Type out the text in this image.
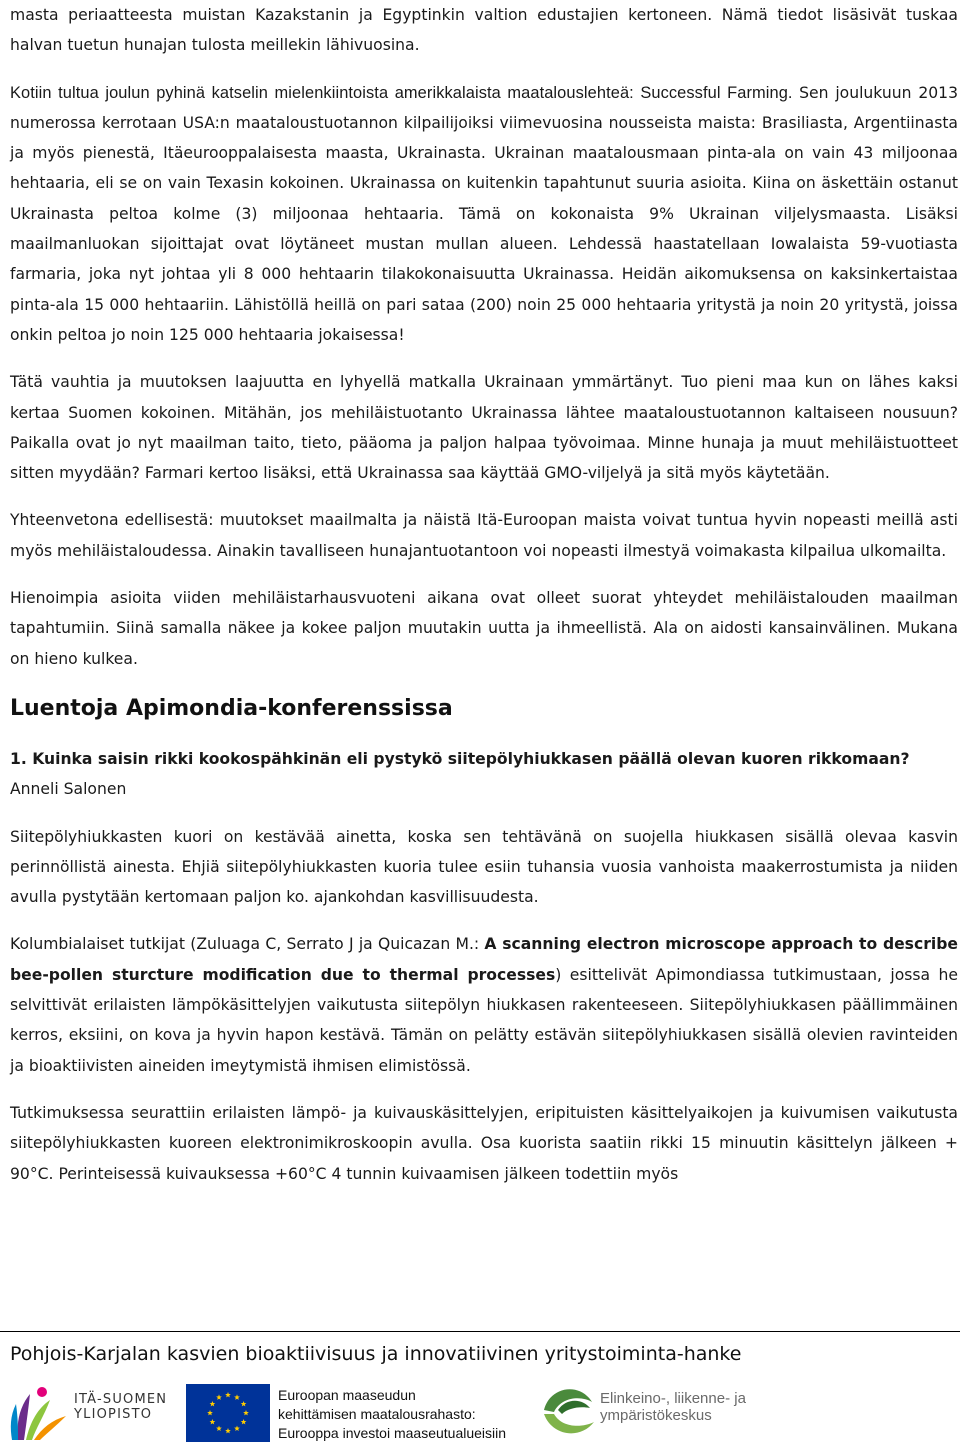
masta periaatteesta muistan Kazakstanin ja Egyptinkin valtion edustajien kertoneen. Nämä tiedot lisäsivät tuskaa halvan tuetun hunajan tulosta meillekin lähivuosina.

Kotiin tultua joulun pyhinä katselin mielenkiintoista amerikkalaista maatalouslehteä: Successful Farming. Sen joulukuun 2013 numerossa kerrotaan USA:n maataloustuotannon kilpailijoiksi viimevuosina nousseista maista: Brasiliasta, Argentiinasta ja myös pienestä, Itäeurooppalaisesta maasta, Ukrainasta. Ukrainan maatalousmaan pinta-ala on vain 43 miljoonaa hehtaaria, eli se on vain Texasin kokoinen. Ukrainassa on kuitenkin tapahtunut suuria asioita. Kiina on äskettäin ostanut Ukrainasta peltoa kolme (3) miljoonaa hehtaaria. Tämä on kokonaista 9% Ukrainan viljelysmaasta. Lisäksi maailmanluokan sijoittajat ovat löytäneet mustan mullan alueen. Lehdessä haastatellaan Iowalaista 59-vuotiasta farmaria, joka nyt johtaa yli 8 000 hehtaarin tilakokonaisuutta Ukrainassa. Heidän aikomuksensa on kaksinkertaistaa pinta-ala 15 000 hehtaariin. Lähistöllä heillä on pari sataa (200) noin 25 000 hehtaaria yritystä ja noin 20 yritystä, joissa onkin peltoa jo noin 125 000 hehtaaria jokaisessa!

Tätä vauhtia ja muutoksen laajuutta en lyhyellä matkalla Ukrainaan ymmärtänyt. Tuo pieni maa kun on lähes kaksi kertaa Suomen kokoinen. Mitähän, jos mehiläistuotanto Ukrainassa lähtee maataloustuotannon kaltaiseen nousuun? Paikalla ovat jo nyt maailman taito, tieto, pääoma ja paljon halpaa työvoimaa. Minne hunaja ja muut mehiläistuotteet sitten myydään? Farmari kertoo lisäksi, että Ukrainassa saa käyttää GMO-viljelyä ja sitä myös käytetään.

Yhteenvetona edellisestä: muutokset maailmalta ja näistä Itä-Euroopan maista voivat tuntua hyvin nopeasti meillä asti myös mehiläistaloudessa. Ainakin tavalliseen hunajantuotantoon voi nopeasti ilmestyä voimakasta kilpailua ulkomailta.

Hienoimpia asioita viiden mehiläistarhausvuoteni aikana ovat olleet suorat yhteydet mehiläistalouden maailman tapahtumiin. Siinä samalla näkee ja kokee paljon muutakin uutta ja ihmeellistä. Ala on aidosti kansainvälinen. Mukana on hieno kulkea.

Luentoja Apimondia-konferenssissa

1. Kuinka saisin rikki kookospähkinän eli pystykö siitepölyhiukkasen päällä olevan kuoren rikkomaan?

Anneli Salonen

Siitepölyhiukkasten kuori on kestävää ainetta, koska sen tehtävänä on suojella hiukkasen sisällä olevaa kasvin perinnöllistä ainesta. Ehjiä siitepölyhiukkasten kuoria tulee esiin tuhansia vuosia vanhoista maakerrostumista ja niiden avulla pystytään kertomaan paljon ko. ajankohdan kasvillisuudesta.

Kolumbialaiset tutkijat (Zuluaga C, Serrato J ja Quicazan M.: A scanning electron microscope approach to describe bee-pollen sturcture modification due to thermal processes) esittelivät Apimondiassa tutkimustaan, jossa he selvittivät erilaisten lämpökäsittelyjen vaikutusta siitepölyn hiukkasen rakenteeseen. Siitepölyhiukkasen päällimmäinen kerros, eksiini, on kova ja hyvin hapon kestävä. Tämän on pelätty estävän siitepölyhiukkasen sisällä olevien ravinteiden ja bioaktiivisten aineiden imeytymistä ihmisen elimistössä.

Tutkimuksessa seurattiin erilaisten lämpö- ja kuivauskäsittelyjen, eripituisten käsittelyaikojen ja kuivumisen vaikutusta siitepölyhiukkasten kuoreen elektronimikroskoopin avulla. Osa kuorista saatiin rikki 15 minuutin käsittelyn jälkeen + 90°C. Perinteisessä kuivauksessa +60°C 4 tunnin kuivaamisen jälkeen todettiin myös

Pohjois-Karjalan kasvien bioaktiivisuus ja innovatiivinen yritystoiminta-hanke
ITÄ-SUOMEN
YLIOPISTO
Euroopan maaseudun
kehittämisen maatalousrahasto:
Eurooppa investoi maaseutualueisiin
Elinkeino-, liikenne- ja
ympäristökeskus
